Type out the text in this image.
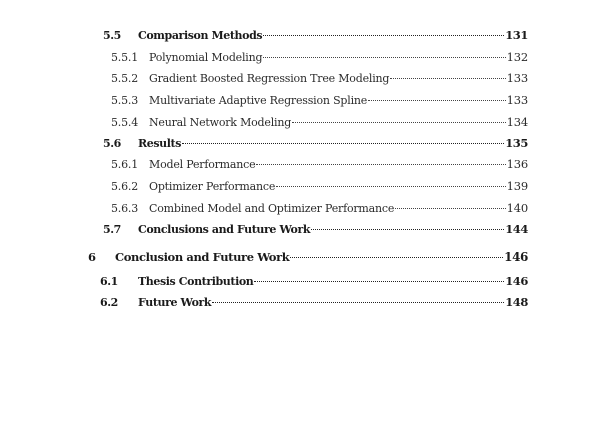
5.5	Comparison Methods	131
5.5.1	Polynomial Modeling	132
5.5.2	Gradient Boosted Regression Tree Modeling	133
5.5.3	Multivariate Adaptive Regression Spline	133
5.5.4	Neural Network Modeling	134
5.6	Results	135
5.6.1	Model Performance	136
5.6.2	Optimizer Performance	139
5.6.3	Combined Model and Optimizer Performance	140
5.7	Conclusions and Future Work	144
6	Conclusion and Future Work	146
6.1	Thesis Contribution	146
6.2	Future Work	148
